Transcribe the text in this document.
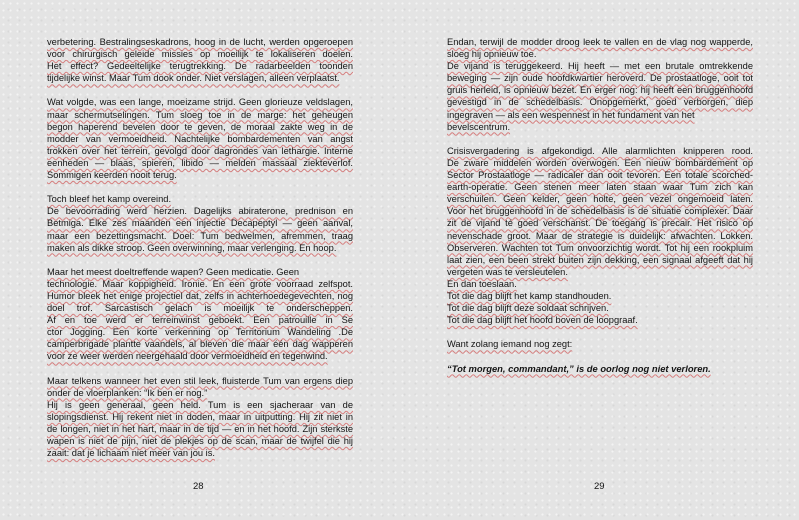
verbetering. Bestralingseskadrons, hoog in de lucht, werden opgeroepen
voor chirurgisch geleide missies op moeilijk te lokaliseren doelen.
Het effect? Gedeeltelijke terugtrekking. De radarbeelden toonden
tijdelijke winst. Maar Tum dook onder. Niet verslagen, alleen verplaatst.
Wat volgde, was een lange, moeizame strijd. Geen glorieuze veldslagen,
maar schermutselingen. Tum sloeg toe in de marge: het geheugen
begon haperend bevelen door te geven, de moraal zakte weg in de
modder van vermoeidheid. Nachtelijke bombardementen van angst
trokken over het terrein, gevolgd door dagrondes van lethargie. Interne
eenheden — blaas, spieren, libido — melden massaal ziekteverlof.
Sommigen keerden nooit terug.
Toch bleef het kamp overeind.
De bevoorrading werd herzien. Dagelijks abiraterone, prednison en
Betmiga. Elke zes maanden een injectie Decapeptyl — geen aanval,
maar een bezettingsmacht. Doel: Tum bedwelmen, afremmen, traag
maken als dikke stroop. Geen overwinning, maar verlenging. En hoop.
Maar het meest doeltreffende wapen? Geen medicatie. Geen
technologie. Maar koppigheid. Ironie. En een grote voorraad zelfspot.
Humor bleek het enige projectiel dat, zelfs in achterhoedegevechten, nog
doel trof. Sarcastisch gelach is moeilijk te onderscheppen.
Af en toe werd er terreinwinst geboekt. Een patrouille in Se
ctor Jogging. Een korte verkenning op Territorium Wandeling .De
camperbrigade plantte vaandels, al bleven die maar één dag wapperen
voor ze weer werden neergehaald door vermoeidheid en tegenwind.
Maar telkens wanneer het even stil leek, fluisterde Tum van ergens diep
onder de vloerplanken: “Ik ben er nog.”
Hij is geen generaal, geen held. Tum is een sjacheraar van de
slopingsdienst. Hij rekent niet in doden, maar in uitputting. Hij zit niet in
de longen, niet in het hart, maar in de tijd — en in het hoofd. Zijn sterkste
wapen is niet de pijn, niet de plekjes op de scan, maar de twijfel die hij
zaait: dat je lichaam niet meer van jou is.
Endan, terwijl de modder droog leek te vallen en de vlag nog wapperde,
sloeg hij opnieuw toe.
De vijand is teruggekeerd. Hij heeft — met een brutale omtrekkende
beweging — zijn oude hoofdkwartier heroverd. De prostaatloge, ooit tot
gruis herleid, is opnieuw bezet. En erger nog: hij heeft een bruggenhoofd
gevestigd in de schedelbasis. Onopgemerkt, goed verborgen, diep
ingegraven — als een wespennest in het fundament van het
bevelscentrum.
Crisisvergadering is afgekondigd. Alle alarmlichten knipperen rood.
De zware middelen worden overwogen. Een nieuw bombardement op
Sector Prostaatloge — radicaler dan ooit tevoren. Een totale scorched-
earth-operatie. Geen stenen meer laten staan waar Tum zich kan
verschuilen. Geen kelder, geen holte, geen vezel ongemoeid laten.
Voor het bruggenhoofd in de schedelbasis is de situatie complexer. Daar
zit de vijand té goed verschanst. De toegang is precair. Het risico op
nevenschade groot. Maar de strategie is duidelijk: afwachten. Lokken.
Observeren. Wachten tot Tum onvoorzichtig wordt. Tot hij een rookpluim
laat zien, een been strekt buiten zijn dekking, een signaal afgeeft dat hij
vergeten was te versleutelen.
En dan toeslaan.
Tot die dag blijft het kamp standhouden.
Tot die dag blijft deze soldaat schrijven.
Tot die dag blijft het hoofd boven de loopgraaf.
Want zolang iemand nog zegt:
“Tot morgen, commandant,” is de oorlog nog niet verloren.
28	29
